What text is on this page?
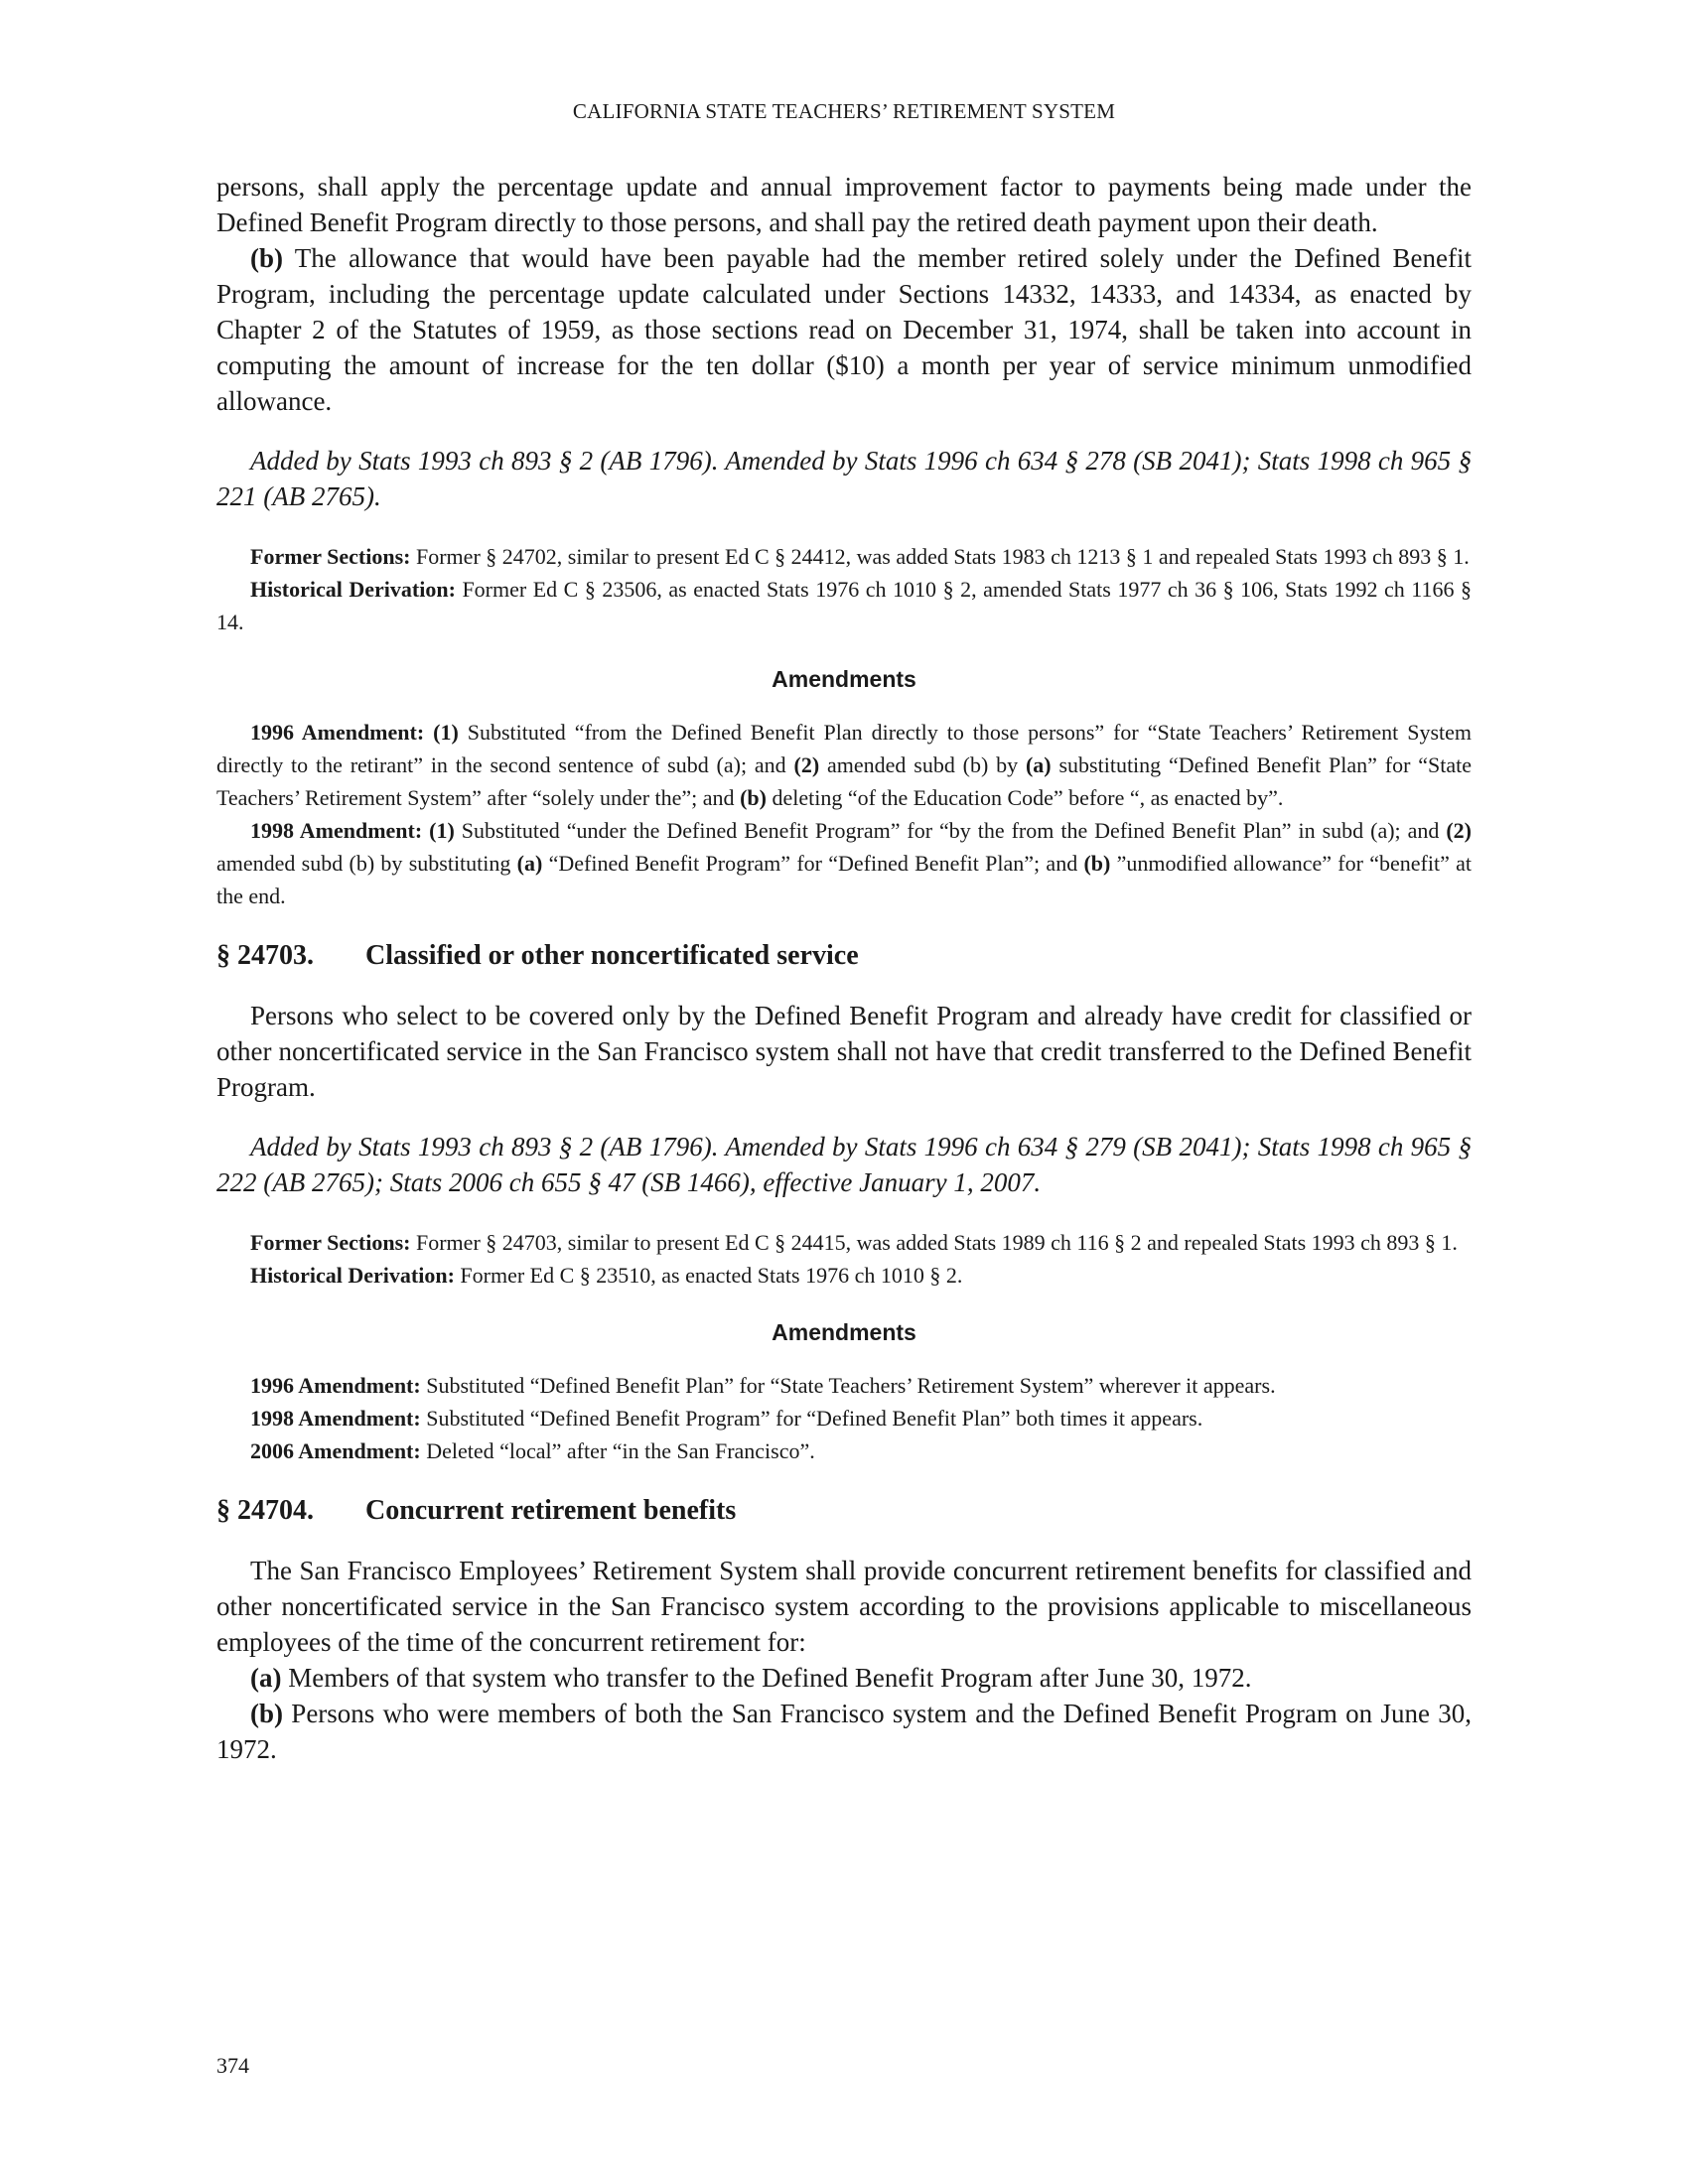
CALIFORNIA STATE TEACHERS’ RETIREMENT SYSTEM

persons, shall apply the percentage update and annual improvement factor to payments being made under the Defined Benefit Program directly to those persons, and shall pay the retired death payment upon their death.

(b) The allowance that would have been payable had the member retired solely under the Defined Benefit Program, including the percentage update calculated under Sections 14332, 14333, and 14334, as enacted by Chapter 2 of the Statutes of 1959, as those sections read on December 31, 1974, shall be taken into account in computing the amount of increase for the ten dollar ($10) a month per year of service minimum unmodified allowance.

Added by Stats 1993 ch 893 § 2 (AB 1796). Amended by Stats 1996 ch 634 § 278 (SB 2041); Stats 1998 ch 965 § 221 (AB 2765).

Former Sections: Former § 24702, similar to present Ed C § 24412, was added Stats 1983 ch 1213 § 1 and repealed Stats 1993 ch 893 § 1.

Historical Derivation: Former Ed C § 23506, as enacted Stats 1976 ch 1010 § 2, amended Stats 1977 ch 36 § 106, Stats 1992 ch 1166 § 14.

Amendments

1996 Amendment: (1) Substituted “from the Defined Benefit Plan directly to those persons” for “State Teachers’ Retirement System directly to the retirant” in the second sentence of subd (a); and (2) amended subd (b) by (a) substituting “Defined Benefit Plan” for “State Teachers’ Retirement System” after “solely under the”; and (b) deleting “of the Education Code” before “, as enacted by”.

1998 Amendment: (1) Substituted “under the Defined Benefit Program” for “by the from the Defined Benefit Plan” in subd (a); and (2) amended subd (b) by substituting (a) “Defined Benefit Program” for “Defined Benefit Plan”; and (b) ”unmodified allowance” for “benefit” at the end.

§ 24703.	Classified or other noncertificated service

Persons who select to be covered only by the Defined Benefit Program and already have credit for classified or other noncertificated service in the San Francisco system shall not have that credit transferred to the Defined Benefit Program.

Added by Stats 1993 ch 893 § 2 (AB 1796). Amended by Stats 1996 ch 634 § 279 (SB 2041); Stats 1998 ch 965 § 222 (AB 2765); Stats 2006 ch 655 § 47 (SB 1466), effective January 1, 2007.

Former Sections: Former § 24703, similar to present Ed C § 24415, was added Stats 1989 ch 116 § 2 and repealed Stats 1993 ch 893 § 1.

Historical Derivation: Former Ed C § 23510, as enacted Stats 1976 ch 1010 § 2.

Amendments

1996 Amendment: Substituted “Defined Benefit Plan” for “State Teachers’ Retirement System” wherever it appears.

1998 Amendment: Substituted “Defined Benefit Program” for “Defined Benefit Plan” both times it appears.

2006 Amendment: Deleted “local” after “in the San Francisco”.

§ 24704.	Concurrent retirement benefits

The San Francisco Employees’ Retirement System shall provide concurrent retirement benefits for classified and other noncertificated service in the San Francisco system according to the provisions applicable to miscellaneous employees of the time of the concurrent retirement for:

(a) Members of that system who transfer to the Defined Benefit Program after June 30, 1972.

(b) Persons who were members of both the San Francisco system and the Defined Benefit Program on June 30, 1972.

374
